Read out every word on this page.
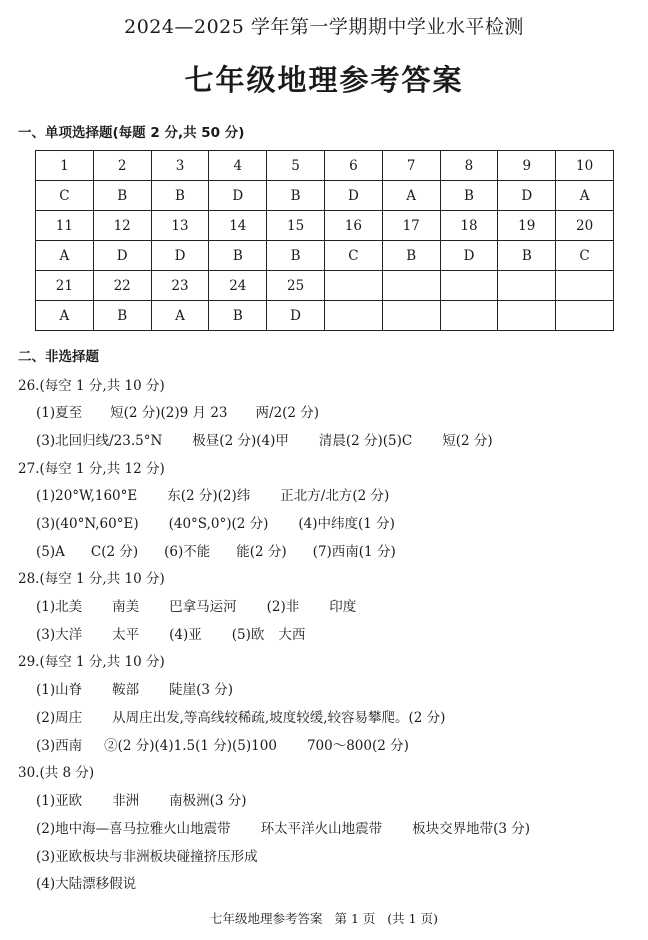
2024—2025 学年第一学期期中学业水平检测
七年级地理参考答案
一、单项选择题(每题 2 分,共 50 分)
1	2	3	4	5	6	7	8	9	10
C	B	B	D	B	D	A	B	D	A
11	12	13	14	15	16	17	18	19	20
A	D	D	B	B	C	B	D	B	C
21	22	23	24	25					
A	B	A	B	D					
二、非选择题
26.(每空 1 分,共 10 分)
(1)夏至 短(2 分)(2)9 月 23 两/2(2 分)
(3)北回归线/23.5°N 极昼(2 分)(4)甲 清晨(2 分)(5)C 短(2 分)
27.(每空 1 分,共 12 分)
(1)20°W,160°E 东(2 分)(2)纬 正北方/北方(2 分)
(3)(40°N,60°E) (40°S,0°)(2 分) (4)中纬度(1 分)
(5)A C(2 分) (6)不能 能(2 分) (7)西南(1 分)
28.(每空 1 分,共 10 分)
(1)北美 南美 巴拿马运河 (2)非 印度
(3)大洋 太平 (4)亚 (5)欧 大西
29.(每空 1 分,共 10 分)
(1)山脊 鞍部 陡崖(3 分)
(2)周庄 从周庄出发,等高线较稀疏,坡度较缓,较容易攀爬。(2 分)
(3)西南 ②(2 分)(4)1.5(1 分)(5)100 700～800(2 分)
30.(共 8 分)
(1)亚欧 非洲 南极洲(3 分)
(2)地中海—喜马拉雅火山地震带 环太平洋火山地震带 板块交界地带(3 分)
(3)亚欧板块与非洲板块碰撞挤压形成
(4)大陆漂移假说
七年级地理参考答案   第 1 页   (共 1 页)
